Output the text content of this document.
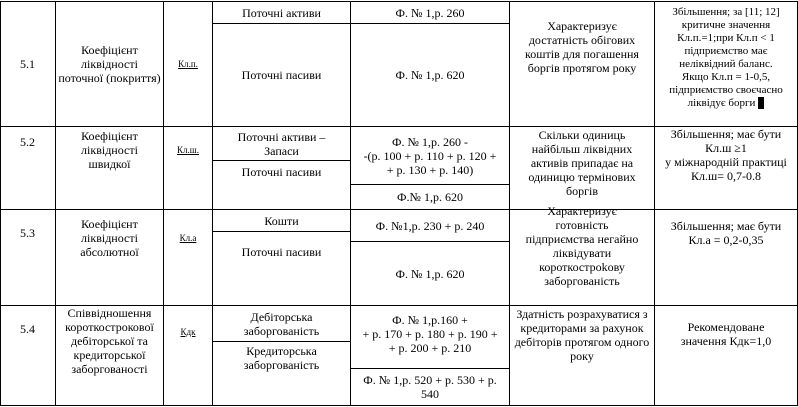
5.1
Коефіцієнт ліквідності поточної (покриття)
Кл.п.
Поточні активи
Поточні пасиви
Ф. № 1,р. 260
Ф. № 1,р. 620
Характеризує достатність обігових коштів для погашення боргів протягом року
Збільшення; за [11; 12]
критичне значення
Кл.п.=1;при Кл.п < 1
підприємство має
неліквідний баланс.
Якщо Кл.п = 1-0,5,
підприємство своєчасно
ліквідує борги
5.2	Коефіцієнт ліквідності швидкої
Кл.ш.
Поточні активи – Запаси
Поточні пасиви
Ф. № 1,р. 260 -
-(р. 100 + р. 110 + р. 120 +
+ р. 130 + р. 140)
Ф.№ 1,р. 620
Скільки одиниць найбільш ліквідних активів припадає на одиницю термінових боргів
Збільшення; має бути
Кл.ш ≥1
у міжнародній практиці
Кл.ш= 0,7-0.8
5.3
Коефіцієнт ліквідності абсолютної
Кл.а
Кошти
Поточні пасиви
Ф. №1,р. 230 + р. 240
Ф. № 1,р. 620
Характеризує готовність підприємства негайно ліквідувати короткостроkову заборгованість
Збільшення; має бути
Кл.а = 0,2-0,35
5.4
Співвідношення короткострокової дебіторської та кредиторської заборгованості
Кдк
Дебіторська заборгованість
Кредиторська заборгованість
Ф. № 1,р.160 +
+ р. 170 + р. 180 + р. 190 +
+ р. 200 + р. 210
Ф. № 1,р. 520 + р. 530 + р.
540
Здатність розрахуватися з кредиторами за рахунок дебіторів протягом одного року
Рекомендоване
значення Кдк=1,0
